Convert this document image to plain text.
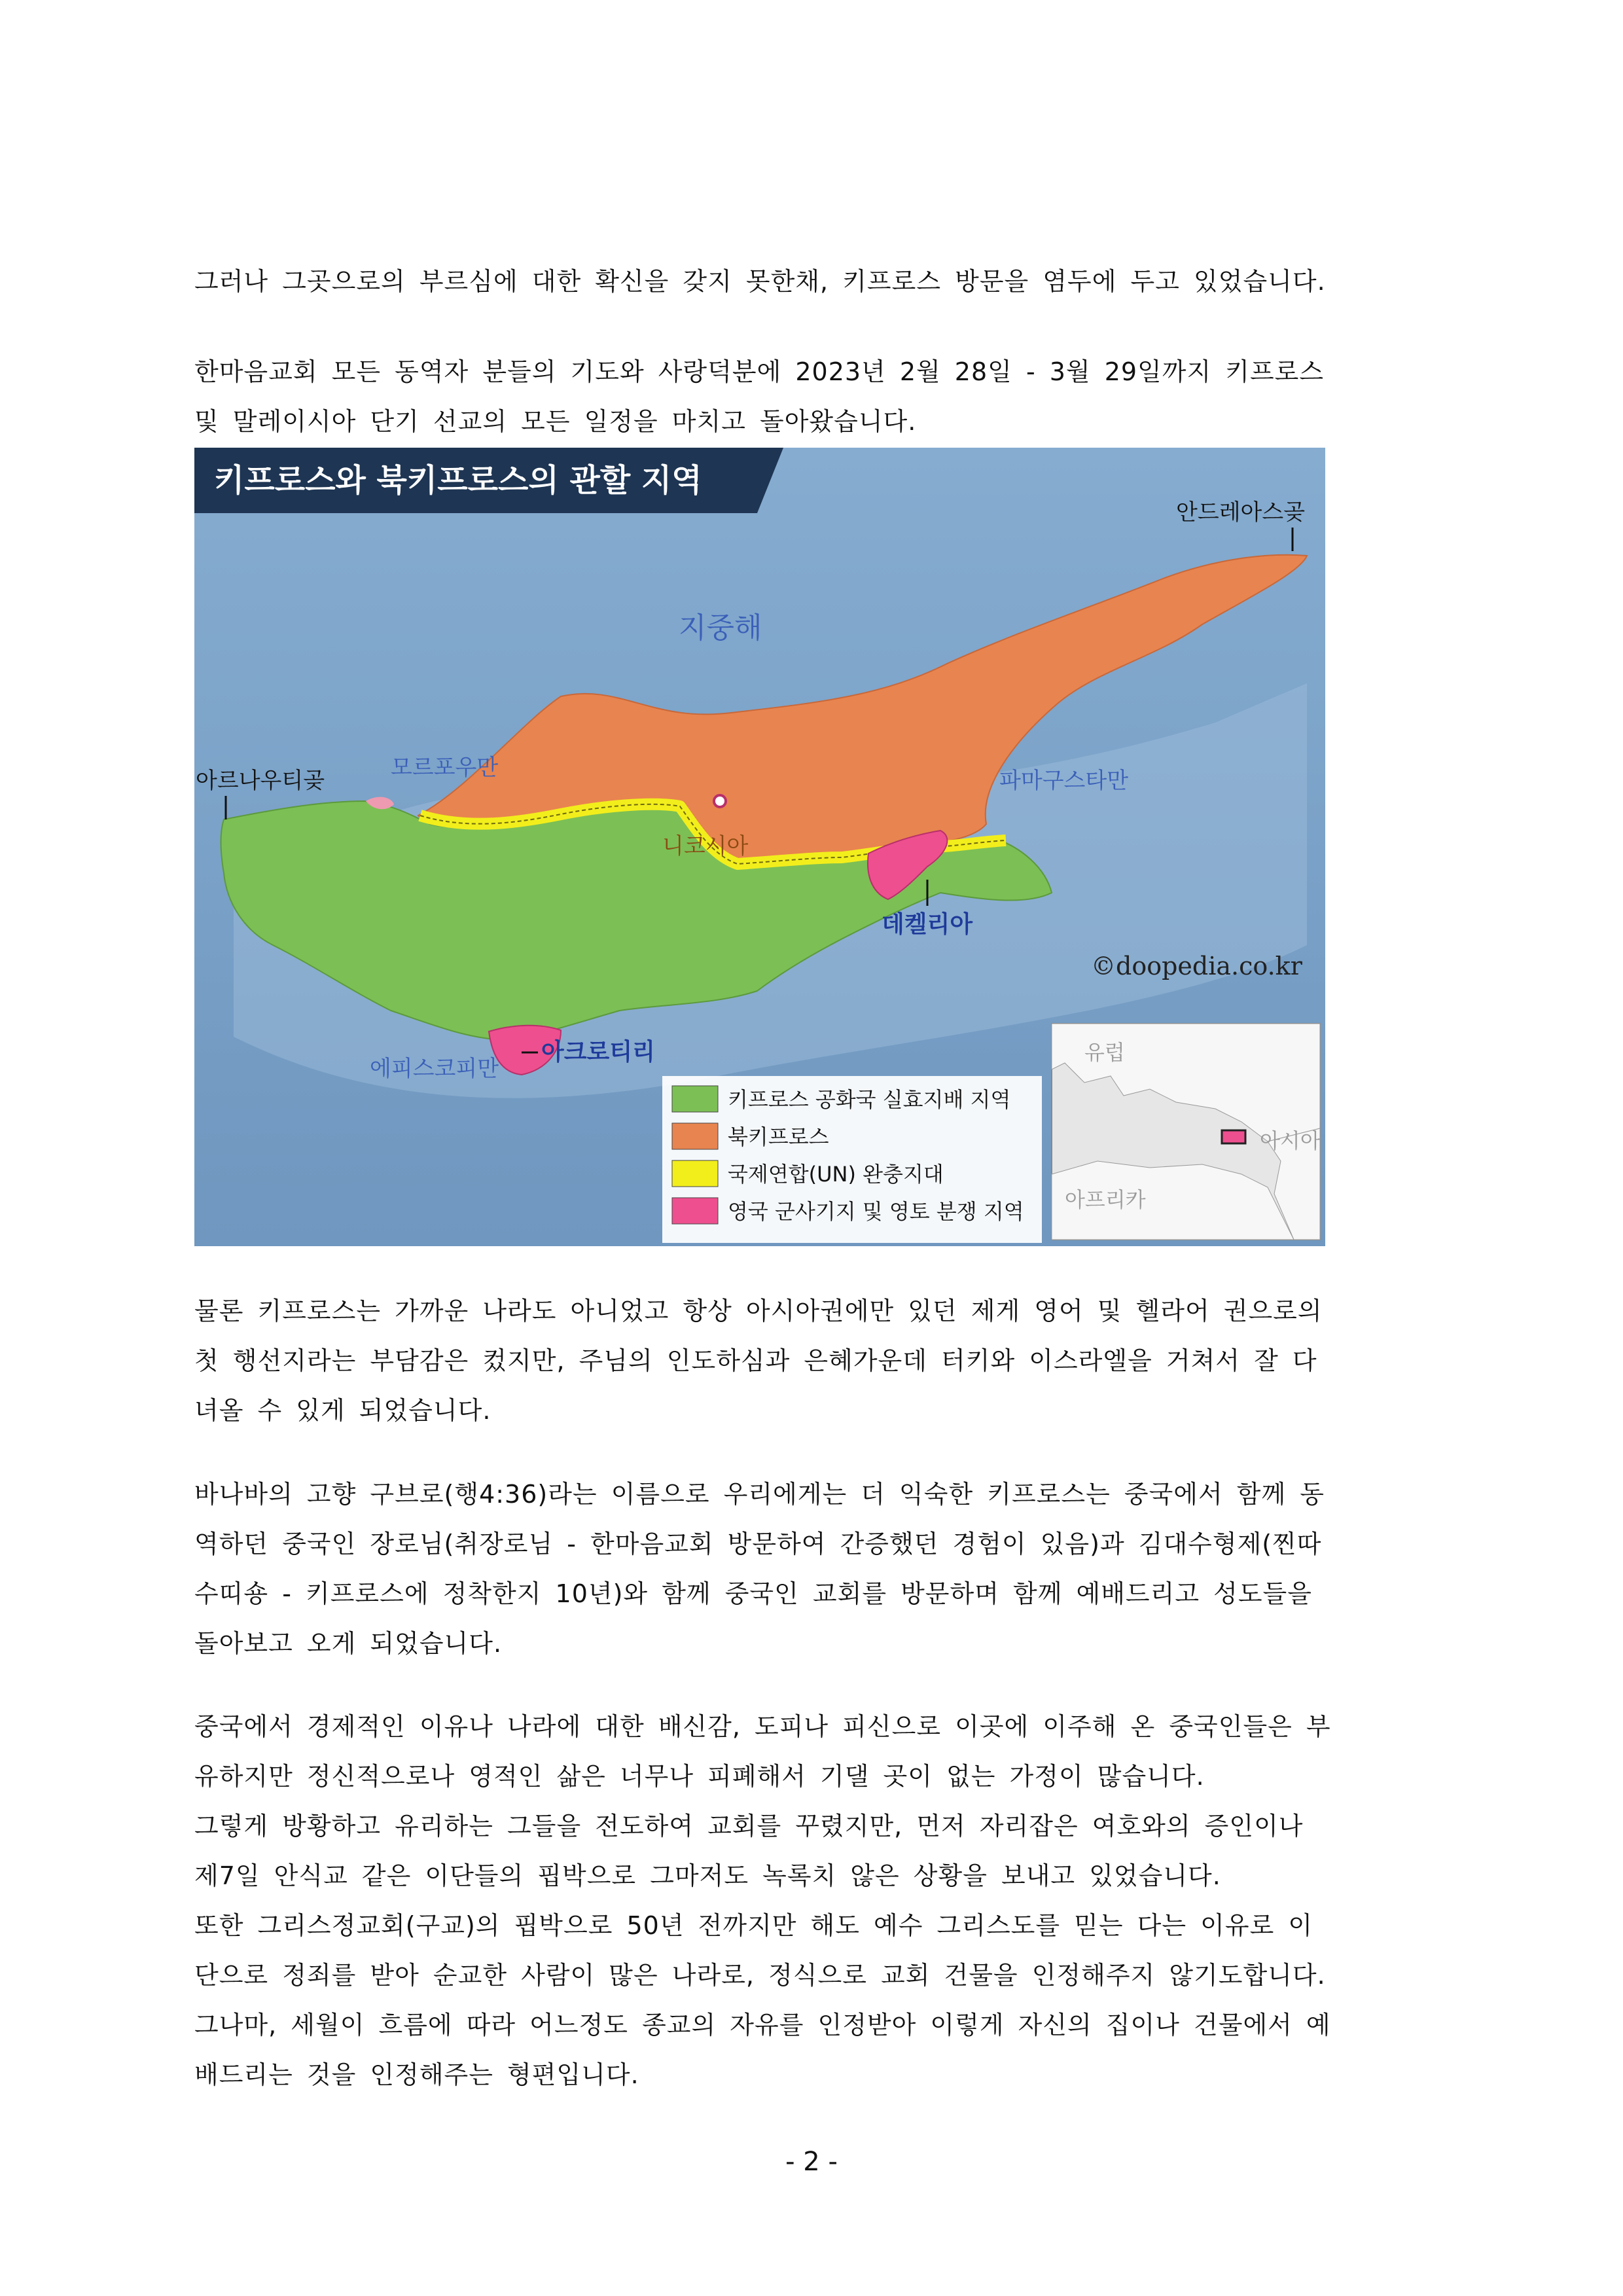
그러나 그곳으로의 부르심에 대한 확신을 갖지 못한채, 키프로스 방문을 염두에 두고 있었습니다.

한마음교회 모든 동역자 분들의 기도와 사랑덕분에 2023년 2월 28일 - 3월 29일까지 키프로스
및 말레이시아 단기 선교의 모든 일정을 마치고 돌아왔습니다.

키프로스와 북키프로스의 관할 지역
지중해
안드레아스곶
모르포우만
아르나우티곶	파마구스타만
니코시아
데켈리아
에피스코피만
아크로티리
©doopedia.co.kr
키프로스 공화국 실효지배 지역
북키프로스
국제연합(UN) 완충지대
영국 군사기지 및 영토 분쟁 지역
유럽
아시아
아프리카

물론 키프로스는 가까운 나라도 아니었고 항상 아시아권에만 있던 제게 영어 및 헬라어 권으로의
첫 행선지라는 부담감은 컸지만, 주님의 인도하심과 은혜가운데 터키와 이스라엘을 거쳐서 잘 다
녀올 수 있게 되었습니다.

바나바의 고향 구브로(행4:36)라는 이름으로 우리에게는 더 익숙한 키프로스는 중국에서 함께 동
역하던 중국인 장로님(취장로님 - 한마음교회 방문하여 간증했던 경험이 있음)과 김대수형제(찐따
수띠숑 - 키프로스에 정착한지 10년)와 함께 중국인 교회를 방문하며 함께 예배드리고 성도들을
돌아보고 오게 되었습니다.

중국에서 경제적인 이유나 나라에 대한 배신감, 도피나 피신으로 이곳에 이주해 온 중국인들은 부
유하지만 정신적으로나 영적인 삶은 너무나 피폐해서 기댈 곳이 없는 가정이 많습니다.
그렇게 방황하고 유리하는 그들을 전도하여 교회를 꾸렸지만, 먼저 자리잡은 여호와의 증인이나
제7일 안식교 같은 이단들의 핍박으로 그마저도 녹록치 않은 상황을 보내고 있었습니다.
또한 그리스정교회(구교)의 핍박으로 50년 전까지만 해도 예수 그리스도를 믿는 다는 이유로 이
단으로 정죄를 받아 순교한 사람이 많은 나라로, 정식으로 교회 건물을 인정해주지 않기도합니다.
그나마, 세월이 흐름에 따라 어느정도 종교의 자유를 인정받아 이렇게 자신의 집이나 건물에서 예
배드리는 것을 인정해주는 형편입니다.

- 2 -
